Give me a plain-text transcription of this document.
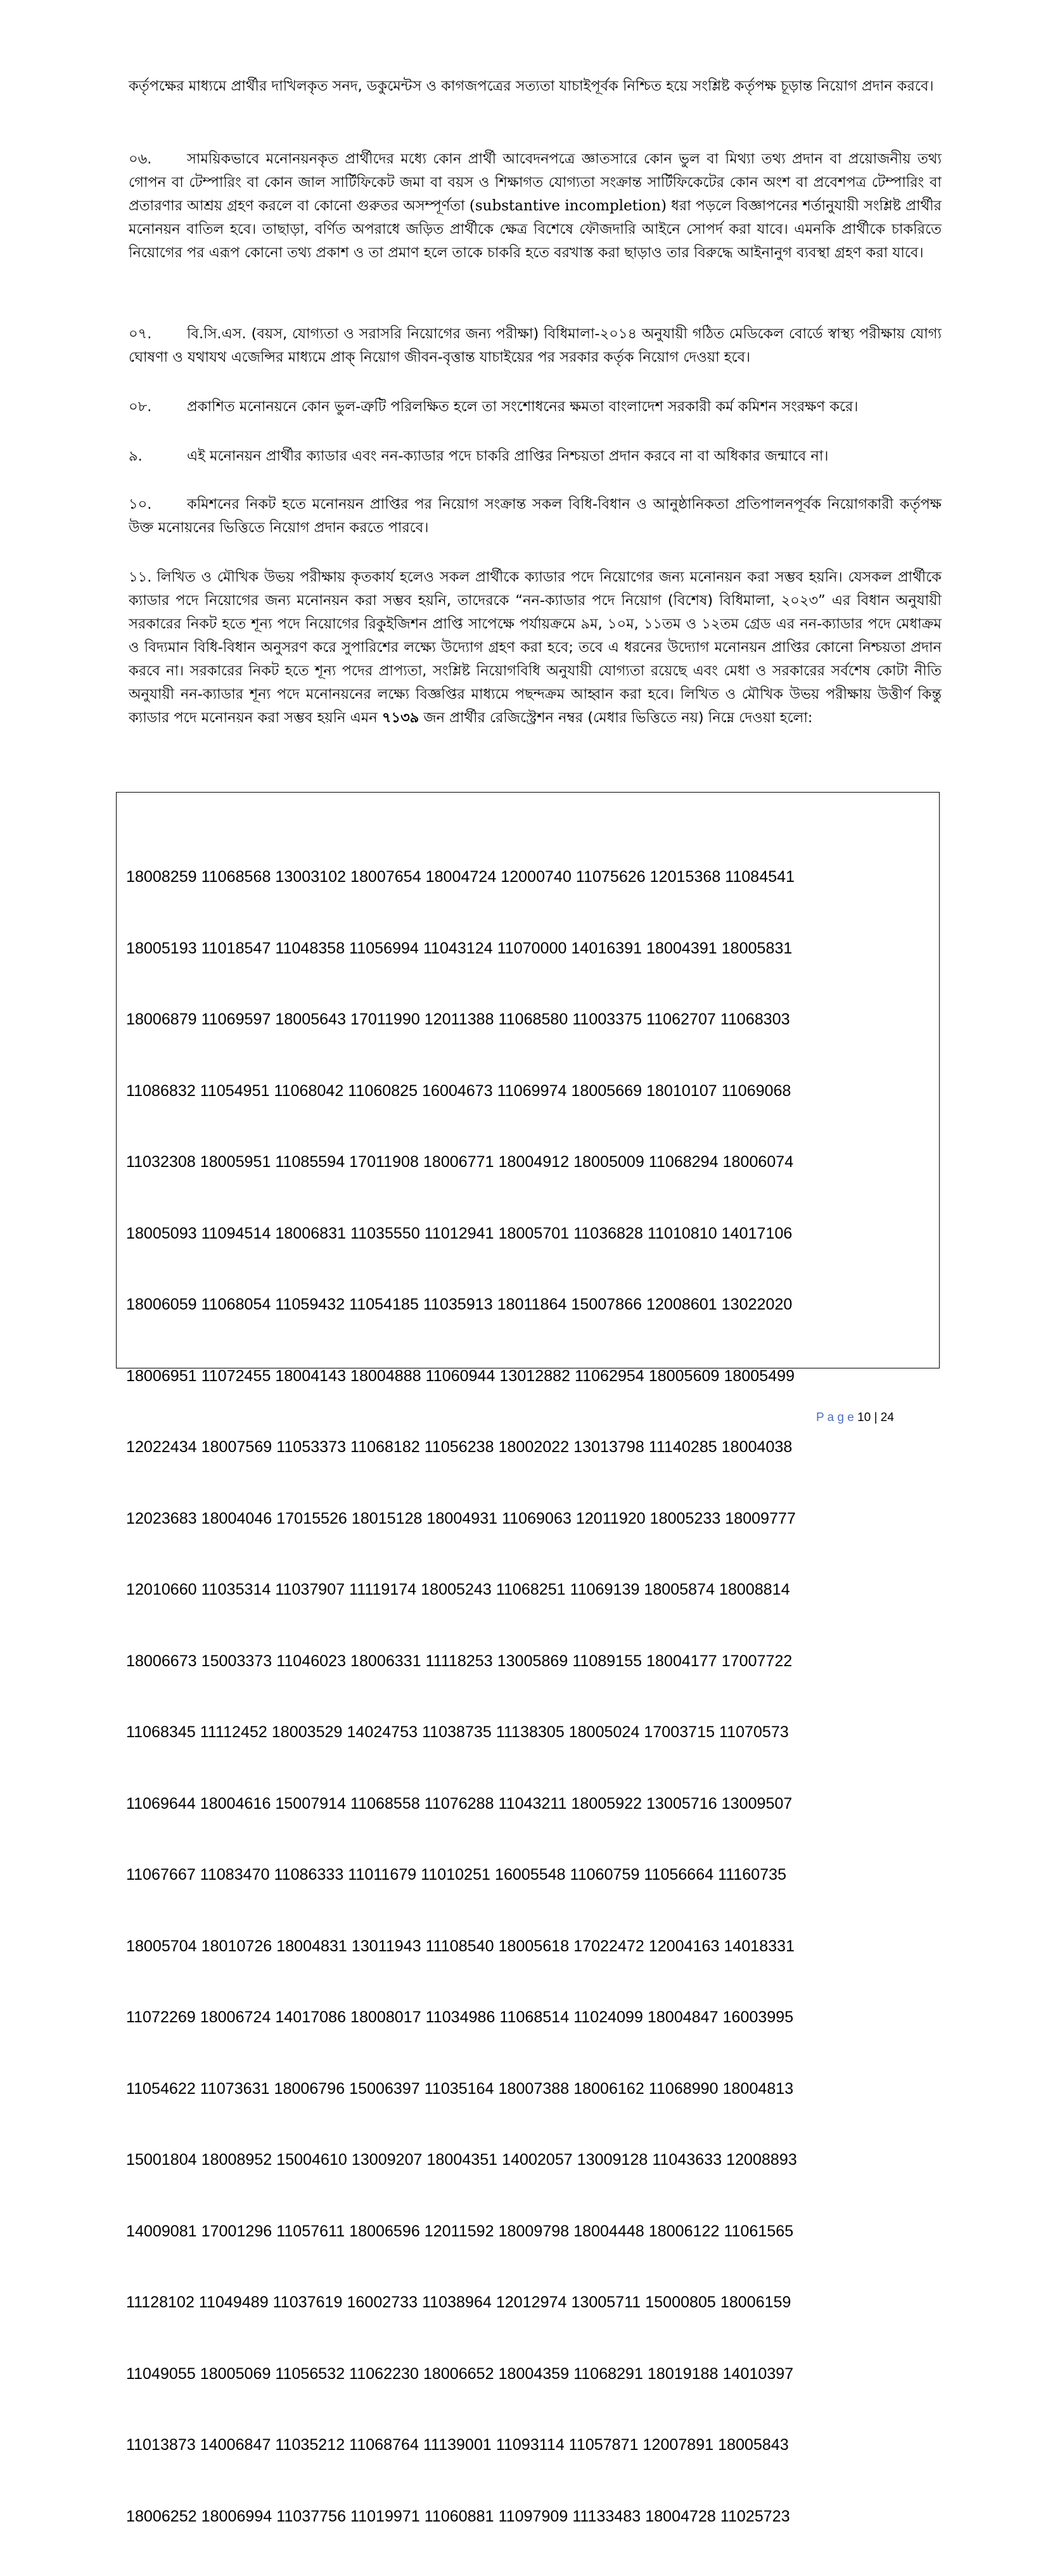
কর্তৃপক্ষের মাধ্যমে প্রার্থীর দাখিলকৃত সনদ, ডকুমেন্টস ও কাগজপত্রের সত্যতা যাচাইপূর্বক নিশ্চিত হয়ে সংশ্লিষ্ট কর্তৃপক্ষ চূড়ান্ত নিয়োগ প্রদান করবে।

০৬. সাময়িকভাবে মনোনয়নকৃত প্রার্থীদের মধ্যে কোন প্রার্থী আবেদনপত্রে জ্ঞাতসারে কোন ভুল বা মিথ্যা তথ্য প্রদান বা প্রয়োজনীয় তথ্য গোপন বা টেম্পারিং বা কোন জাল সার্টিফিকেট জমা বা বয়স ও শিক্ষাগত যোগ্যতা সংক্রান্ত সার্টিফিকেটের কোন অংশ বা প্রবেশপত্র টেম্পারিং বা প্রতারণার আশ্রয় গ্রহণ করলে বা কোনো গুরুতর অসম্পূর্ণতা (substantive incompletion) ধরা পড়লে বিজ্ঞাপনের শর্তানুযায়ী সংশ্লিষ্ট প্রার্থীর মনোনয়ন বাতিল হবে। তাছাড়া, বর্ণিত অপরাধে জড়িত প্রার্থীকে ক্ষেত্র বিশেষে ফৌজদারি আইনে সোপর্দ করা যাবে। এমনকি প্রার্থীকে চাকরিতে নিয়োগের পর এরূপ কোনো তথ্য প্রকাশ ও তা প্রমাণ হলে তাকে চাকরি হতে বরখাস্ত করা ছাড়াও তার বিরুদ্ধে আইনানুগ ব্যবস্থা গ্রহণ করা যাবে।

০৭. বি.সি.এস. (বয়স, যোগ্যতা ও সরাসরি নিয়োগের জন্য পরীক্ষা) বিধিমালা-২০১৪ অনুযায়ী গঠিত মেডিকেল বোর্ডে স্বাস্থ্য পরীক্ষায় যোগ্য ঘোষণা ও যথাযথ এজেন্সির মাধ্যমে প্রাক্ নিয়োগ জীবন-বৃত্তান্ত যাচাইয়ের পর সরকার কর্তৃক নিয়োগ দেওয়া হবে।

০৮. প্রকাশিত মনোনয়নে কোন ভুল-ত্রুটি পরিলক্ষিত হলে তা সংশোধনের ক্ষমতা বাংলাদেশ সরকারী কর্ম কমিশন সংরক্ষণ করে।

৯.	এই মনোনয়ন প্রার্থীর ক্যাডার এবং নন-ক্যাডার পদে চাকরি প্রাপ্তির নিশ্চয়তা প্রদান করবে না বা অধিকার জন্মাবে না।

১০. কমিশনের নিকট হতে মনোনয়ন প্রাপ্তির পর নিয়োগ সংক্রান্ত সকল বিধি-বিধান ও আনুষ্ঠানিকতা প্রতিপালনপূর্বক নিয়োগকারী কর্তৃপক্ষ উক্ত মনোয়নের ভিত্তিতে নিয়োগ প্রদান করতে পারবে।

১১. লিখিত ও মৌখিক উভয় পরীক্ষায় কৃতকার্য হলেও সকল প্রার্থীকে ক্যাডার পদে নিয়োগের জন্য মনোনয়ন করা সম্ভব হয়নি। যেসকল প্রার্থীকে ক্যাডার পদে নিয়োগের জন্য মনোনয়ন করা সম্ভব হয়নি, তাদেরকে “নন-ক্যাডার পদে নিয়োগ (বিশেষ) বিধিমালা, ২০২৩” এর বিধান অনুযায়ী সরকারের নিকট হতে শূন্য পদে নিয়োগের রিকুইজিশন প্রাপ্তি সাপেক্ষে পর্যায়ক্রমে ৯ম, ১০ম, ১১তম ও ১২তম গ্রেড এর নন-ক্যাডার পদে মেধাক্রম ও বিদ্যমান বিধি-বিধান অনুসরণ করে সুপারিশের লক্ষ্যে উদ্যোগ গ্রহণ করা হবে; তবে এ ধরনের উদ্যোগ মনোনয়ন প্রাপ্তির কোনো নিশ্চয়তা প্রদান করবে না। সরকারের নিকট হতে শূন্য পদের প্রাপ্যতা, সংশ্লিষ্ট নিয়োগবিধি অনুযায়ী যোগ্যতা রয়েছে এবং মেধা ও সরকারের সর্বশেষ কোটা নীতি অনুযায়ী নন-ক্যাডার শূন্য পদে মনোনয়নের লক্ষ্যে বিজ্ঞপ্তির মাধ্যমে পছন্দক্রম আহ্বান করা হবে। লিখিত ও মৌখিক উভয় পরীক্ষায় উত্তীর্ণ কিন্তু ক্যাডার পদে মনোনয়ন করা সম্ভব হয়নি এমন ৭১৩৯ জন প্রার্থীর রেজিস্ট্রেশন নম্বর (মেধার ভিত্তিতে নয়) নিম্নে দেওয়া হলো:

18008259 11068568 13003102 18007654 18004724 12000740 11075626 12015368 11084541

18005193 11018547 11048358 11056994 11043124 11070000 14016391 18004391 18005831

18006879 11069597 18005643 17011990 12011388 11068580 11003375 11062707 11068303

11086832 11054951 11068042 11060825 16004673 11069974 18005669 18010107 11069068

11032308 18005951 11085594 17011908 18006771 18004912 18005009 11068294 18006074

18005093 11094514 18006831 11035550 11012941 18005701 11036828 11010810 14017106

18006059 11068054 11059432 11054185 11035913 18011864 15007866 12008601 13022020

18006951 11072455 18004143 18004888 11060944 13012882 11062954 18005609 18005499

12022434 18007569 11053373 11068182 11056238 18002022 13013798 11140285 18004038

12023683 18004046 17015526 18015128 18004931 11069063 12011920 18005233 18009777

12010660 11035314 11037907 11119174 18005243 11068251 11069139 18005874 18008814

18006673 15003373 11046023 18006331 11118253 13005869 11089155 18004177 17007722

11068345 11112452 18003529 14024753 11038735 11138305 18005024 17003715 11070573

11069644 18004616 15007914 11068558 11076288 11043211 18005922 13005716 13009507

11067667 11083470 11086333 11011679 11010251 16005548 11060759 11056664 11160735

18005704 18010726 18004831 13011943 11108540 18005618 17022472 12004163 14018331

11072269 18006724 14017086 18008017 11034986 11068514 11024099 18004847 16003995

11054622 11073631 18006796 15006397 11035164 18007388 18006162 11068990 18004813

15001804 18008952 15004610 13009207 18004351 14002057 13009128 11043633 12008893

14009081 17001296 11057611 18006596 12011592 18009798 18004448 18006122 11061565

11128102 11049489 11037619 16002733 11038964 12012974 13005711 15000805 18006159

11049055 18005069 11056532 11062230 18006652 18004359 11068291 18019188 14010397

11013873 14006847 11035212 11068764 11139001 11093114 11057871 12007891 18005843

18006252 18006994 11037756 11019971 11060881 11097909 11133483 18004728 11025723

P a g e 10 | 24
